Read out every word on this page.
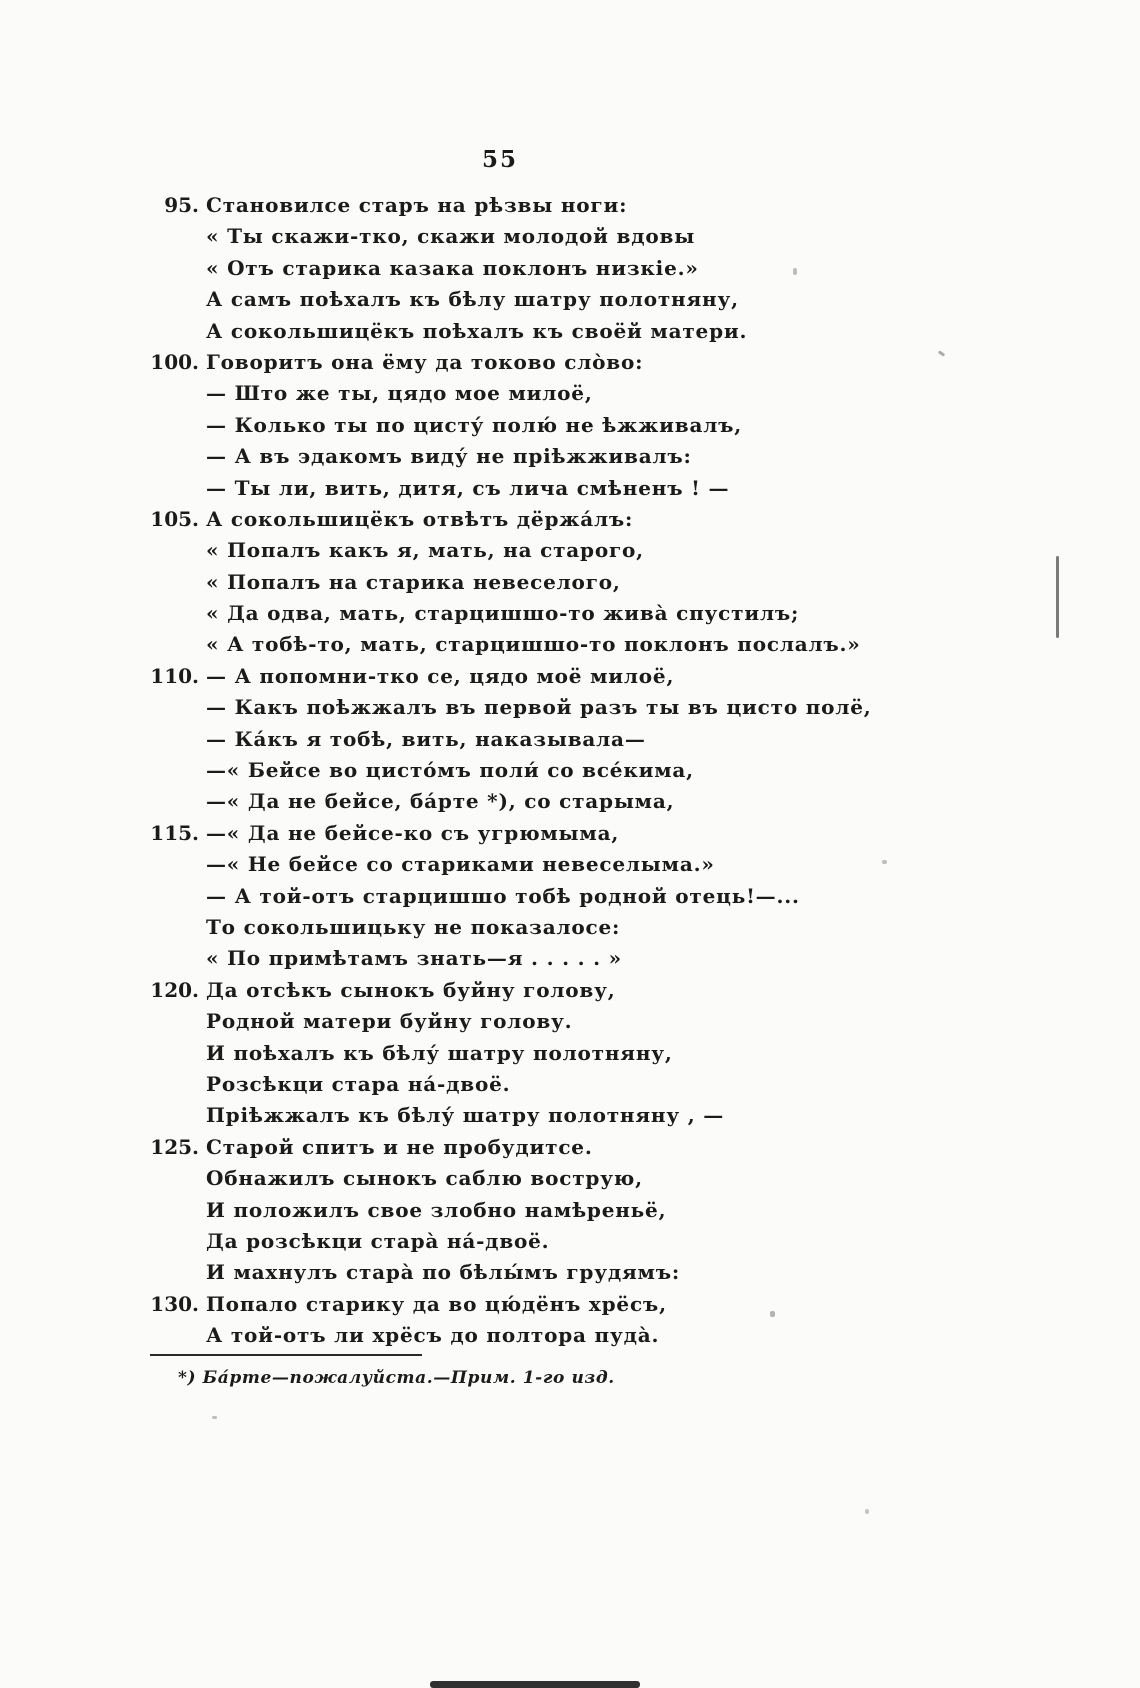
55
95. Становилсе старъ на рѣзвы ноги:
« Ты скажи-тко, скажи молодой вдовы
« Отъ старика казака поклонъ низкіе.»
А самъ поѣхалъ къ бѣлу шатру полотняну,
А сокольшицёкъ поѣхалъ къ своёй матери.
100. Говоритъ она ёму да токово сло̀во:
— Што же ты, цядо мое милоё,
— Колько ты по цисту́ полю́ не ѣжживалъ,
— А въ эдакомъ виду́ не пріѣжживалъ:
— Ты ли, вить, дитя, съ лича смѣненъ ! —
105. А сокольшицёкъ отвѣтъ дёржа́лъ:
« Попалъ какъ я, мать, на старого,
« Попалъ на старика невеселого,
« Да одва, мать, старцишшо-то жива̀ спустилъ;
« А тобѣ-то, мать, старцишшо-то поклонъ послалъ.»
110. — А попомни-тко се, цядо моё милоё,
— Какъ поѣжжалъ въ первой разъ ты въ цисто полё,
— Ка́къ я тобѣ, вить, наказывала—
—« Бейсе во цисто́мъ поли́ со все́кима,
—« Да не бейсе, ба́рте *), со старыма,
115. —« Да не бейсе-ко съ угрюмыма,
—« Не бейсе со стариками невеселыма.»
— А той-отъ старцишшо тобѣ родной отець!—...
То сокольшицьку не показалосе:
« По примѣтамъ знать—я . . . . . »
120. Да отсѣкъ сынокъ буйну голову,
Родной матери буйну голову.
И поѣхалъ къ бѣлу́ шатру полотняну,
Розсѣкци стара на́-двоё.
Пріѣжжалъ къ бѣлу́ шатру полотняну , —
125. Старой спитъ и не пробудитсе.
Обнажилъ сынокъ саблю вострую,
И положилъ свое злобно намѣреньё,
Да розсѣкци стара̀ на́-двоё.
И махнулъ стара̀ по бѣлы́мъ грудямъ:
130. Попало старику да во цю́дёнъ хрёсъ,
А той-отъ ли хрёсъ до полтора пуда̀.
*) Ба́рте—пожалуйста.—Прим. 1-го изд.
